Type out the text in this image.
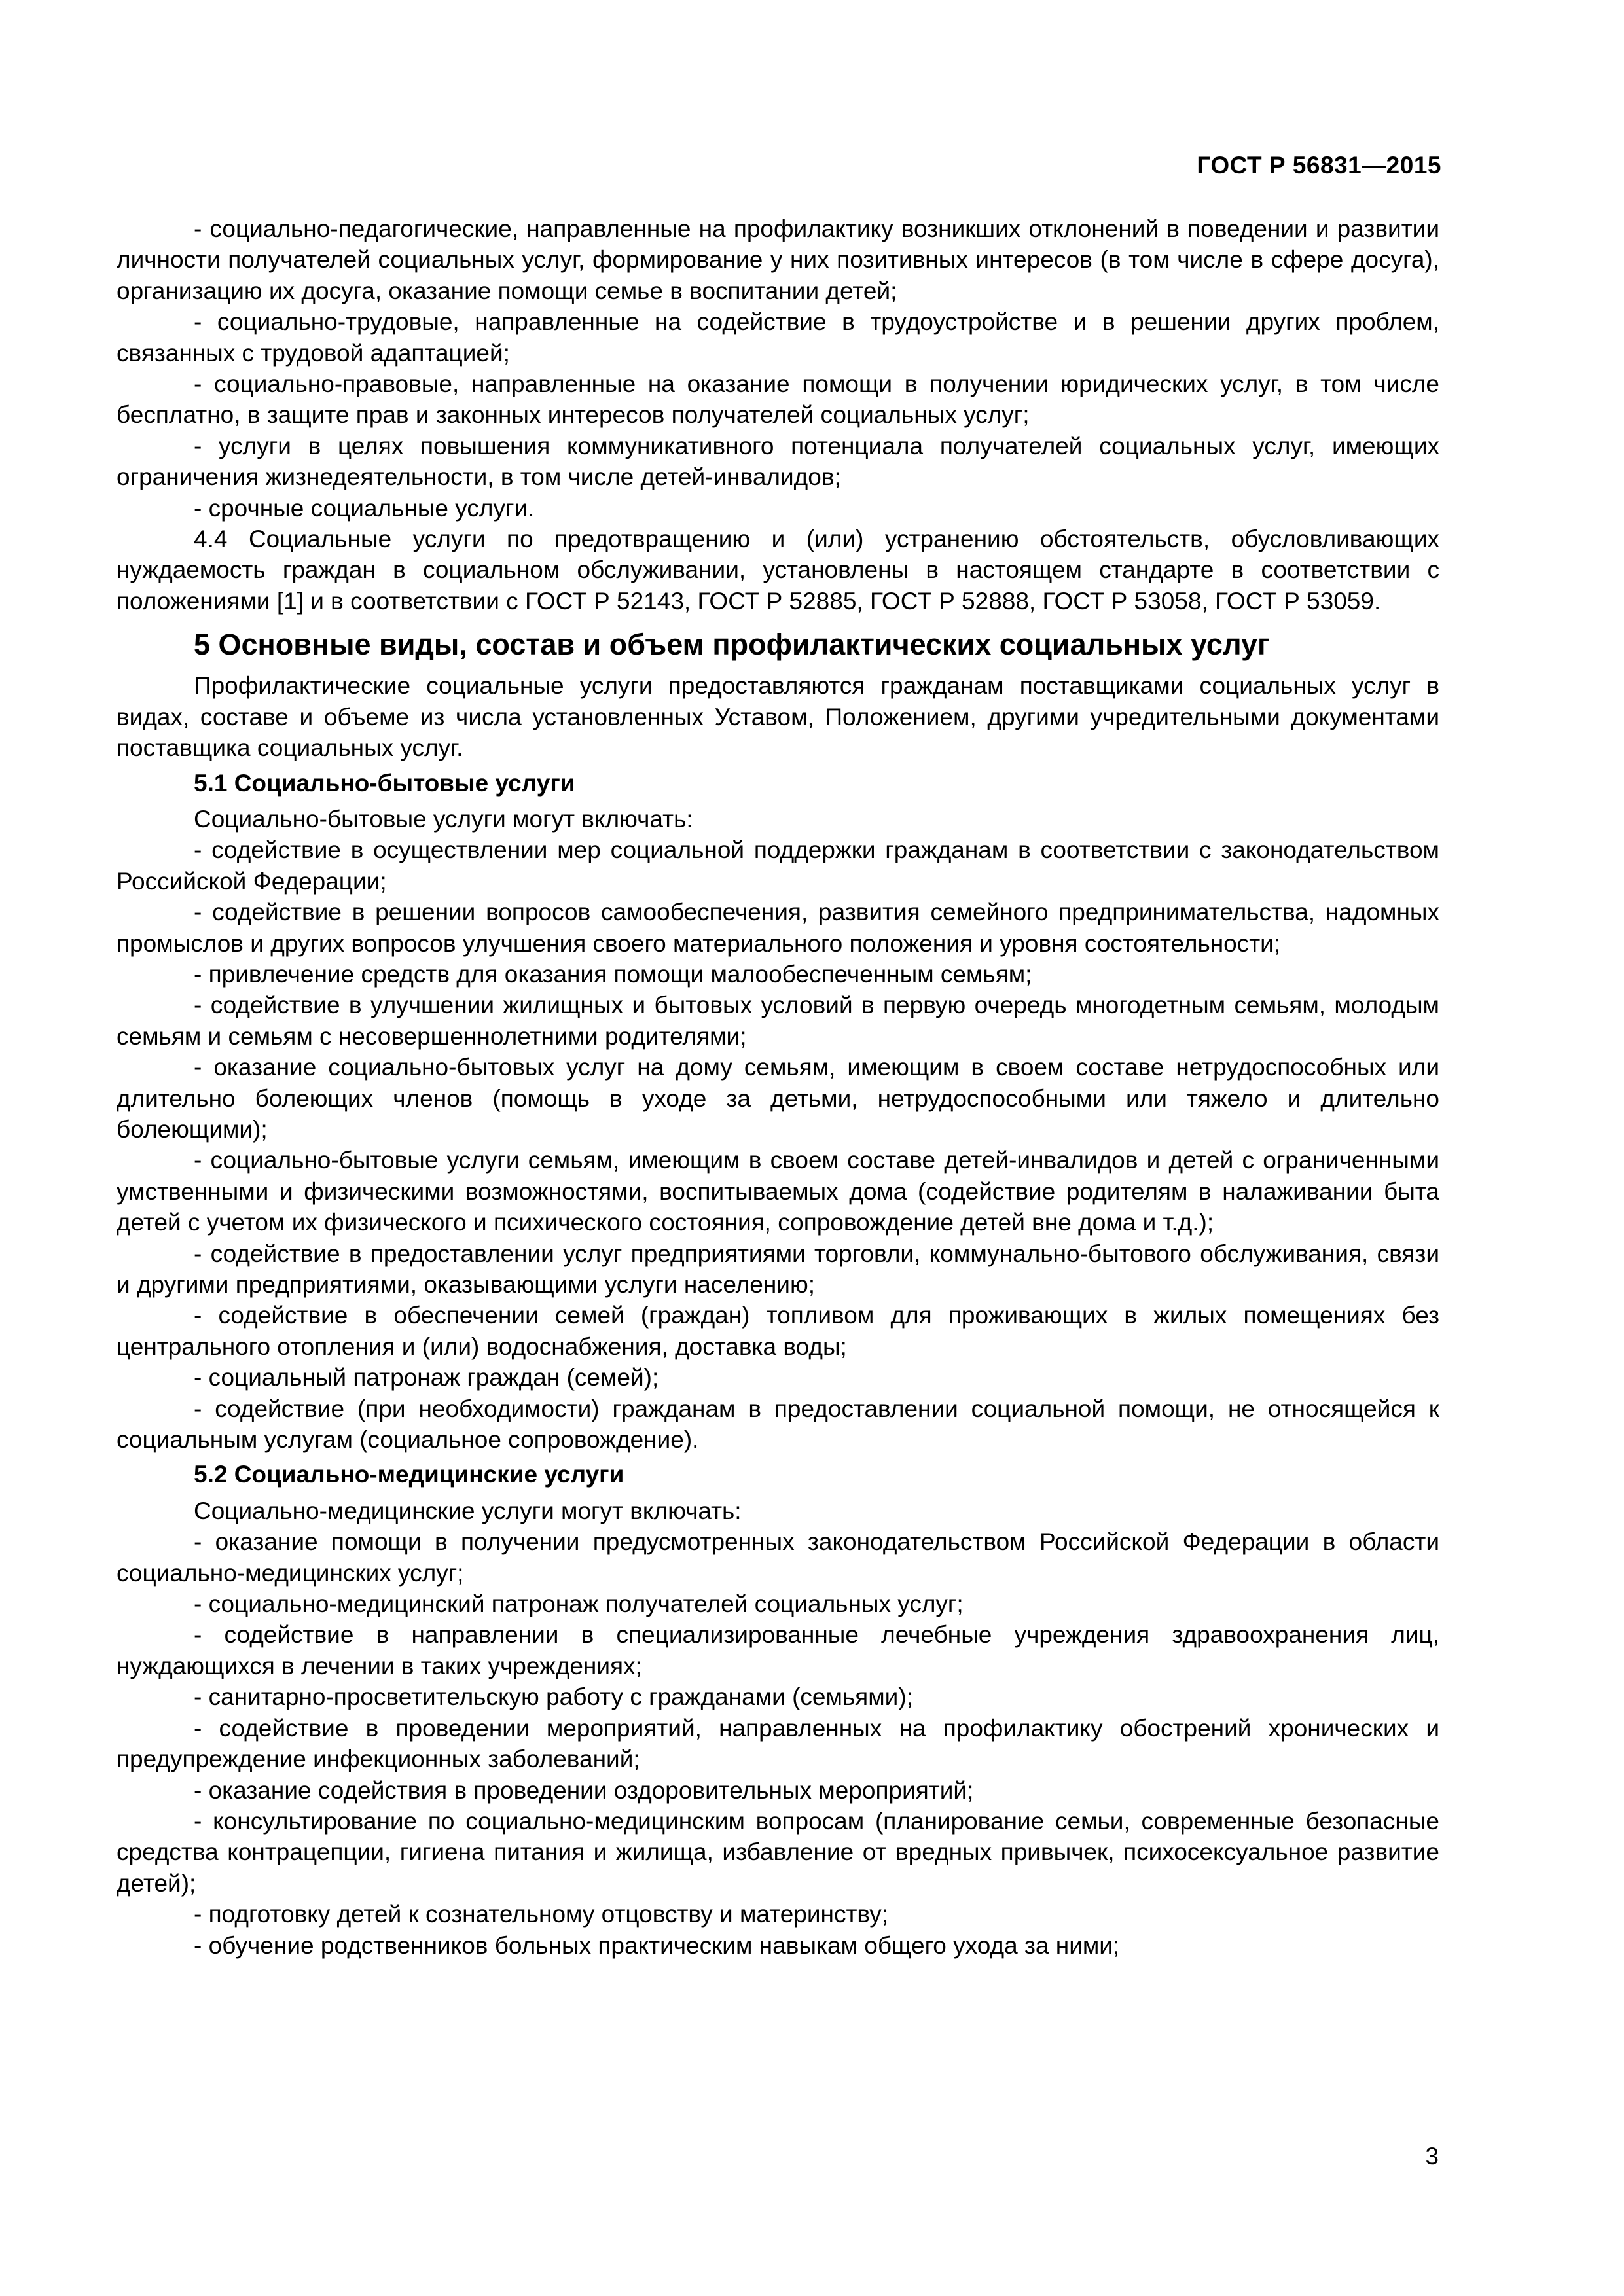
ГОСТ Р 56831—2015

- социально-педагогические, направленные на профилактику возникших отклонений в поведении и развитии личности получателей социальных услуг, формирование у них позитивных интересов (в том числе в сфере досуга), организацию их досуга, оказание помощи семье в воспитании детей;

- социально-трудовые, направленные на содействие в трудоустройстве и в решении других проблем, связанных с трудовой адаптацией;

- социально-правовые, направленные на оказание помощи в получении юридических услуг, в том числе бесплатно, в защите прав и законных интересов получателей социальных услуг;

- услуги в целях повышения коммуникативного потенциала получателей социальных услуг, имеющих ограничения жизнедеятельности, в том числе детей-инвалидов;

- срочные социальные услуги.

4.4 Социальные услуги по предотвращению и (или) устранению обстоятельств, обусловливающих нуждаемость граждан в социальном обслуживании, установлены в настоящем стандарте в соответствии с положениями [1] и в соответствии с ГОСТ Р 52143, ГОСТ Р 52885, ГОСТ Р 52888, ГОСТ Р 53058, ГОСТ Р 53059.

5 Основные виды, состав и объем профилактических социальных услуг

Профилактические социальные услуги предоставляются гражданам поставщиками социальных услуг в видах, составе и объеме из числа установленных Уставом, Положением, другими учредительными документами поставщика социальных услуг.

5.1 Социально-бытовые услуги

Социально-бытовые услуги могут включать:

- содействие в осуществлении мер социальной поддержки гражданам в соответствии с законодательством Российской Федерации;

- содействие в решении вопросов самообеспечения, развития семейного предпринимательства, надомных промыслов и других вопросов улучшения своего материального положения и уровня состоятельности;

- привлечение средств для оказания помощи малообеспеченным семьям;

- содействие в улучшении жилищных и бытовых условий в первую очередь многодетным семьям, молодым семьям и семьям с несовершеннолетними родителями;

- оказание социально-бытовых услуг на дому семьям, имеющим в своем составе нетрудоспособных или длительно болеющих членов (помощь в уходе за детьми, нетрудоспособными или тяжело и длительно болеющими);

- социально-бытовые услуги семьям, имеющим в своем составе детей-инвалидов и детей с ограниченными умственными и физическими возможностями, воспитываемых дома (содействие родителям в налаживании быта детей с учетом их физического и психического состояния, сопровождение детей вне дома и т.д.);

- содействие в предоставлении услуг предприятиями торговли, коммунально-бытового обслуживания, связи и другими предприятиями, оказывающими услуги населению;

- содействие в обеспечении семей (граждан) топливом для проживающих в жилых помещениях без центрального отопления и (или) водоснабжения, доставка воды;

- социальный патронаж граждан (семей);

- содействие (при необходимости) гражданам в предоставлении социальной помощи, не относящейся к социальным услугам (социальное сопровождение).

5.2 Социально-медицинские услуги

Социально-медицинские услуги могут включать:

- оказание помощи в получении предусмотренных законодательством Российской Федерации в области социально-медицинских услуг;

- социально-медицинский патронаж получателей социальных услуг;

- содействие в направлении в специализированные лечебные учреждения здравоохранения лиц, нуждающихся в лечении в таких учреждениях;

- санитарно-просветительскую работу с гражданами (семьями);

- содействие в проведении мероприятий, направленных на профилактику обострений хронических и предупреждение инфекционных заболеваний;

- оказание содействия в проведении оздоровительных мероприятий;

- консультирование по социально-медицинским вопросам (планирование семьи, современные безопасные средства контрацепции, гигиена питания и жилища, избавление от вредных привычек, психосексуальное развитие детей);

- подготовку детей к сознательному отцовству и материнству;

- обучение родственников больных практическим навыкам общего ухода за ними;

3
